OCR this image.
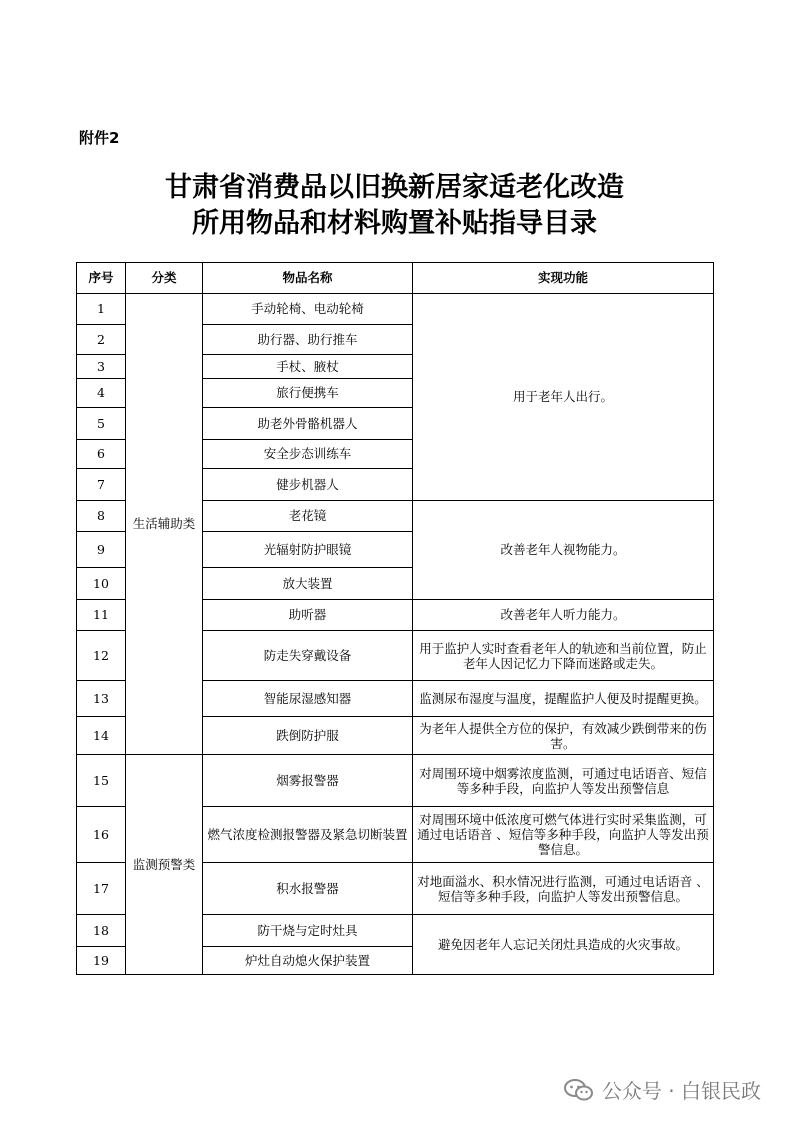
附件2
甘肃省消费品以旧换新居家适老化改造
所用物品和材料购置补贴指导目录
序号	分类	物品名称	实现功能
1	生活辅助类	手动轮椅、电动轮椅	用于老年人出行。
2		助行器、助行推车	
3		手杖、腋杖	
4		旅行便携车	
5		助老外骨骼机器人	
6		安全步态训练车	
7		健步机器人	
8		老花镜	改善老年人视物能力。
9		光辐射防护眼镜	
10		放大装置	
11		助听器	改善老年人听力能力。
12		防走失穿戴设备	用于监护人实时查看老年人的轨迹和当前位置，防止老年人因记忆力下降而迷路或走失。
13		智能尿湿感知器	监测尿布湿度与温度，提醒监护人便及时提醒更换。
14		跌倒防护服	为老年人提供全方位的保护，有效减少跌倒带来的伤害。
15	监测预警类	烟雾报警器	对周围环境中烟雾浓度监测，可通过电话语音、短信等多种手段，向监护人等发出预警信息
16		燃气浓度检测报警器及紧急切断装置	对周围环境中低浓度可燃气体进行实时采集监测，可通过电话语音 、短信等多种手段，向监护人等发出预警信息。
17		积水报警器	对地面溢水、积水情况进行监测，可通过电话语音 、短信等多种手段，向监护人等发出预警信息。
18		防干烧与定时灶具	避免因老年人忘记关闭灶具造成的火灾事故。
19		炉灶自动熄火保护装置	
公众号 · 白银民政
